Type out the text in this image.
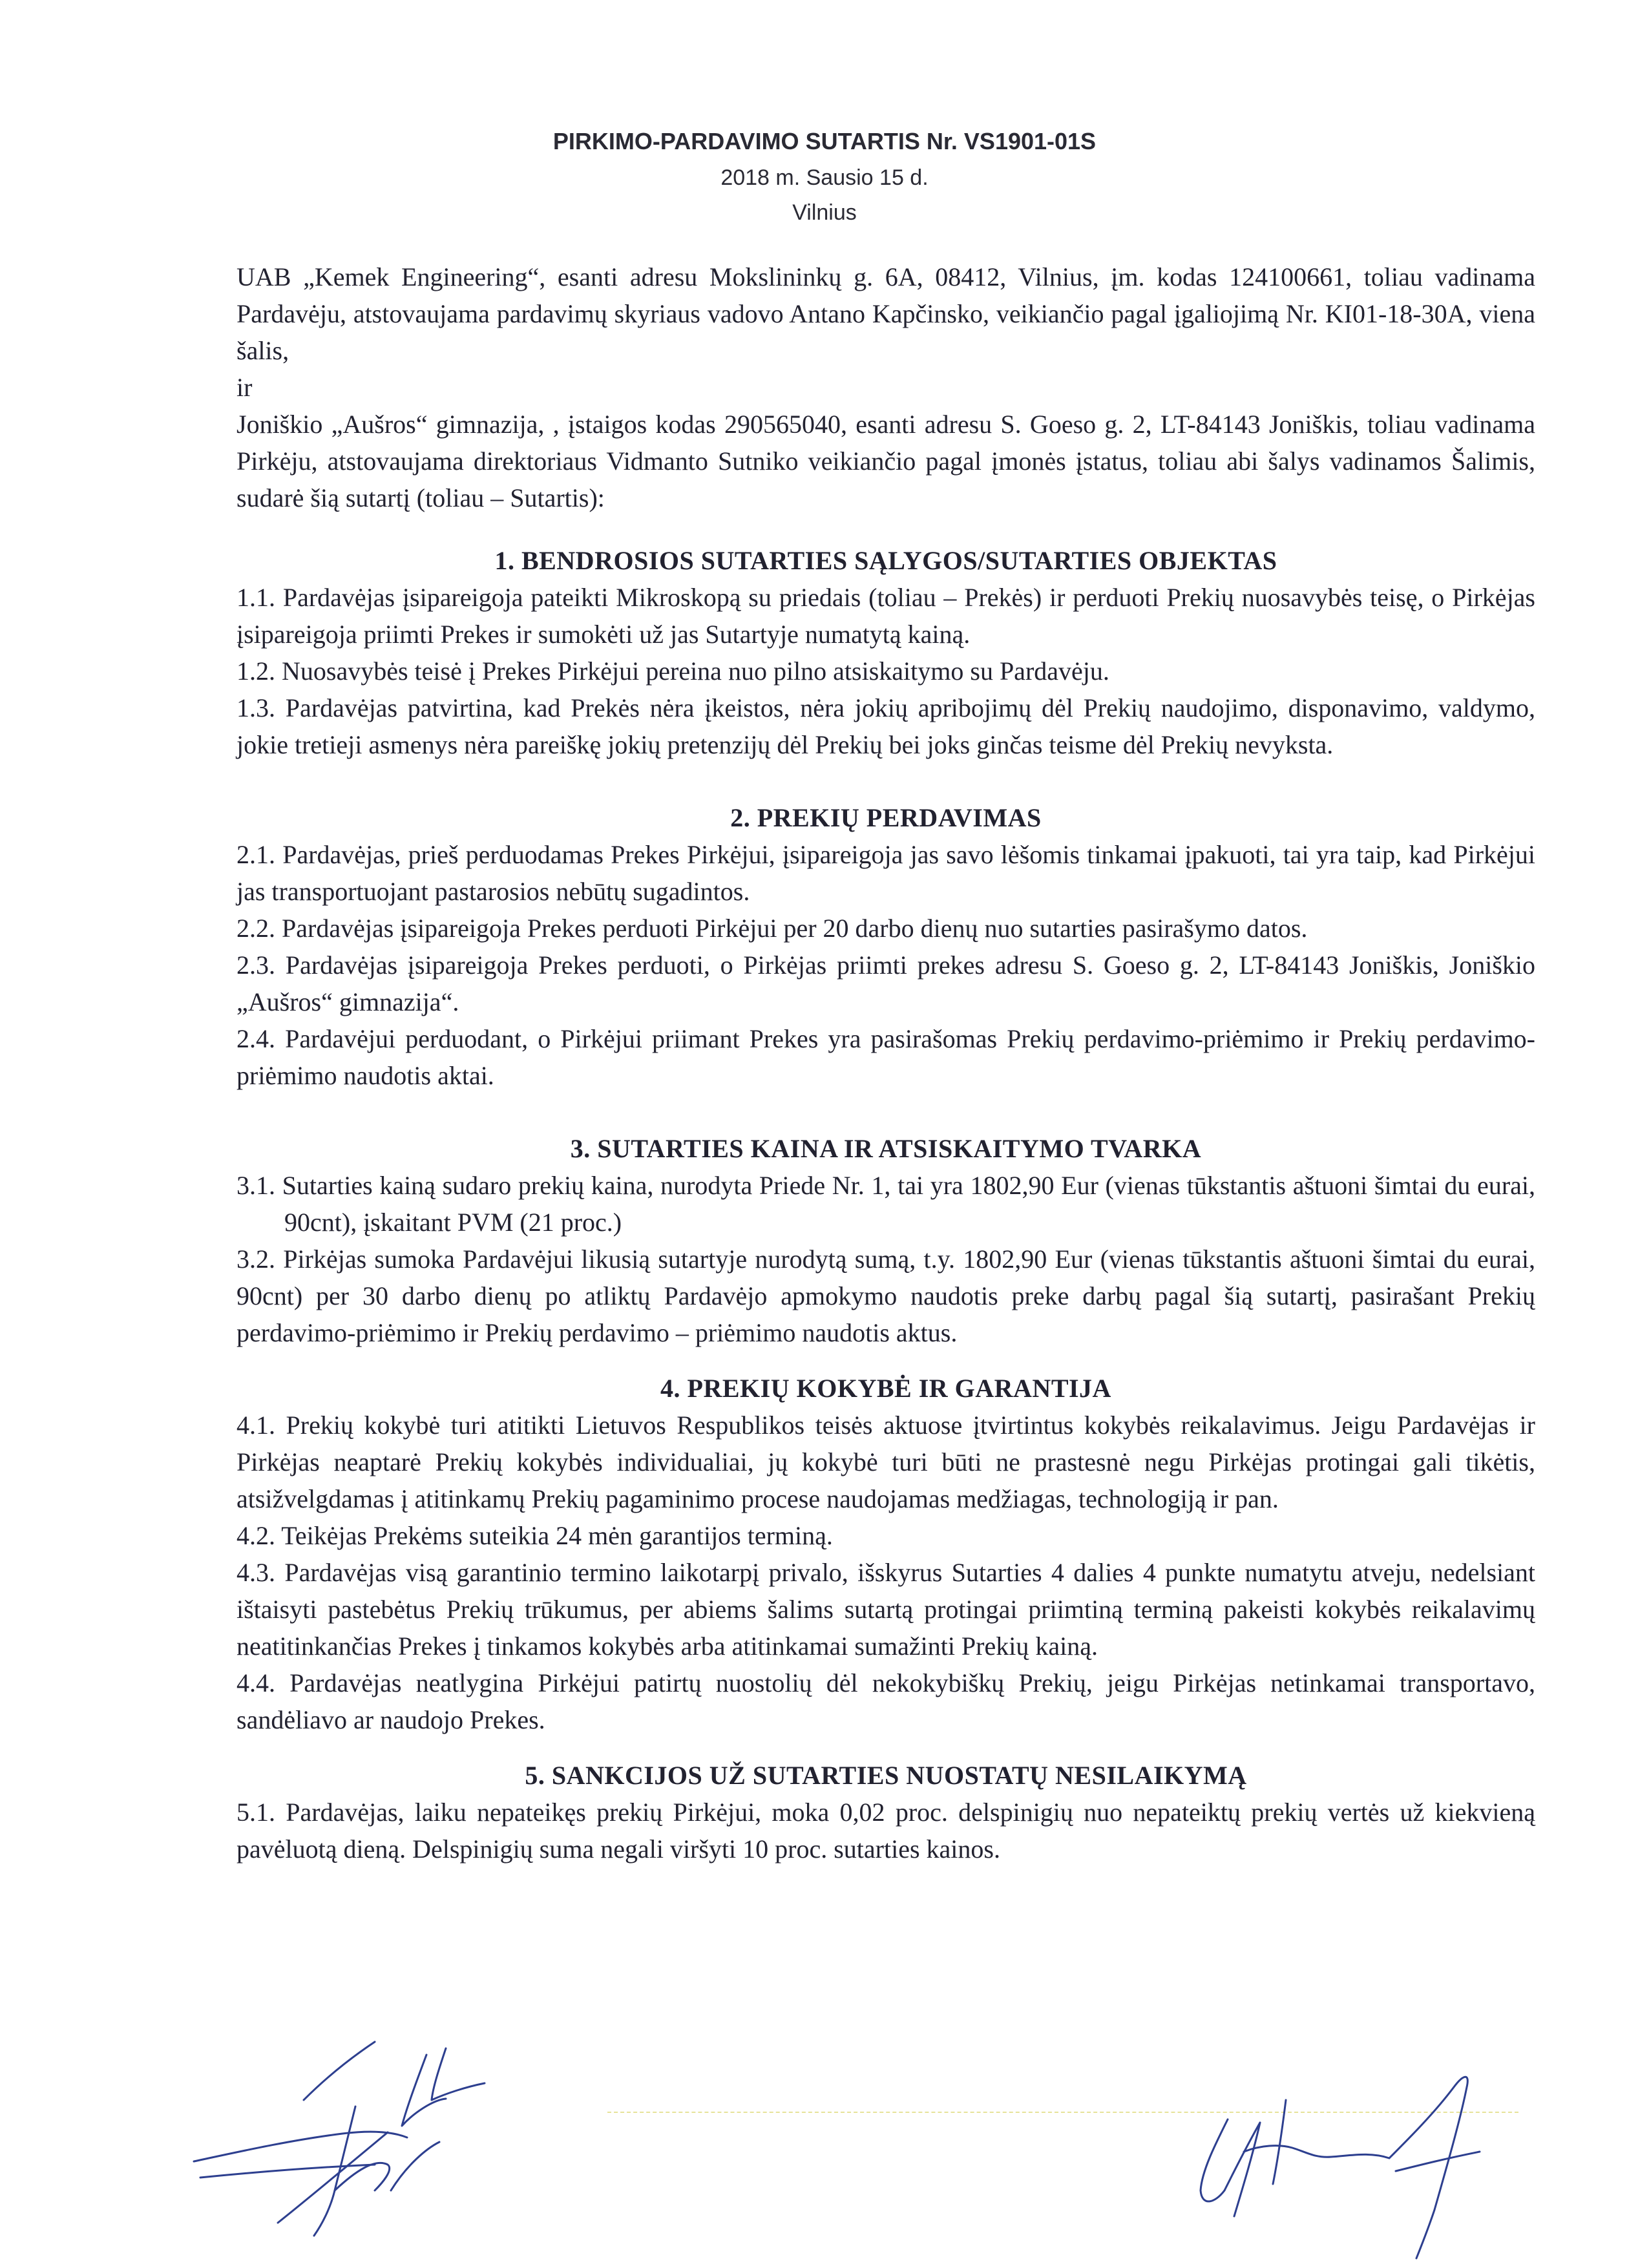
PIRKIMO-PARDAVIMO SUTARTIS Nr. VS1901-01S
2018 m. Sausio 15 d.
Vilnius

UAB „Kemek Engineering“, esanti adresu Mokslininkų g. 6A, 08412, Vilnius, įm. kodas 124100661, toliau vadinama Pardavėju, atstovaujama pardavimų skyriaus vadovo Antano Kapčinsko, veikiančio pagal įgaliojimą Nr. KI01-18-30A, viena šalis,

ir

Joniškio „Aušros“ gimnazija, , įstaigos kodas 290565040, esanti adresu S. Goeso g. 2, LT-84143 Joniškis, toliau vadinama Pirkėju, atstovaujama direktoriaus Vidmanto Sutniko veikiančio pagal įmonės įstatus, toliau abi šalys vadinamos Šalimis, sudarė šią sutartį (toliau – Sutartis):

1. BENDROSIOS SUTARTIES SĄLYGOS/SUTARTIES OBJEKTAS

1.1. Pardavėjas įsipareigoja pateikti Mikroskopą su priedais (toliau – Prekės) ir perduoti Prekių nuosavybės teisę, o Pirkėjas įsipareigoja priimti Prekes ir sumokėti už jas Sutartyje numatytą kainą.

1.2. Nuosavybės teisė į Prekes Pirkėjui pereina nuo pilno atsiskaitymo su Pardavėju.

1.3. Pardavėjas patvirtina, kad Prekės nėra įkeistos, nėra jokių apribojimų dėl Prekių naudojimo, disponavimo, valdymo, jokie tretieji asmenys nėra pareiškę jokių pretenzijų dėl Prekių bei joks ginčas teisme dėl Prekių nevyksta.

2. PREKIŲ PERDAVIMAS

2.1. Pardavėjas, prieš perduodamas Prekes Pirkėjui, įsipareigoja jas savo lėšomis tinkamai įpakuoti, tai yra taip, kad Pirkėjui jas transportuojant pastarosios nebūtų sugadintos.

2.2. Pardavėjas įsipareigoja Prekes perduoti Pirkėjui per 20 darbo dienų nuo sutarties pasirašymo datos.

2.3. Pardavėjas įsipareigoja Prekes perduoti, o Pirkėjas priimti prekes adresu S. Goeso g. 2, LT-84143 Joniškis, Joniškio „Aušros“ gimnazija“.

2.4. Pardavėjui perduodant, o Pirkėjui priimant Prekes yra pasirašomas Prekių perdavimo-priėmimo ir Prekių perdavimo-priėmimo naudotis aktai.

3. SUTARTIES KAINA IR ATSISKAITYMO TVARKA

3.1. Sutarties kainą sudaro prekių kaina, nurodyta Priede Nr. 1, tai yra 1802,90 Eur (vienas tūkstantis aštuoni šimtai du eurai, 90cnt), įskaitant PVM (21 proc.)

3.2. Pirkėjas sumoka Pardavėjui likusią sutartyje nurodytą sumą, t.y. 1802,90 Eur (vienas tūkstantis aštuoni šimtai du eurai, 90cnt) per 30 darbo dienų po atliktų Pardavėjo apmokymo naudotis preke darbų pagal šią sutartį, pasirašant Prekių perdavimo-priėmimo ir Prekių perdavimo – priėmimo naudotis aktus.

4. PREKIŲ KOKYBĖ IR GARANTIJA

4.1. Prekių kokybė turi atitikti Lietuvos Respublikos teisės aktuose įtvirtintus kokybės reikalavimus. Jeigu Pardavėjas ir Pirkėjas neaptarė Prekių kokybės individualiai, jų kokybė turi būti ne prastesnė negu Pirkėjas protingai gali tikėtis, atsižvelgdamas į atitinkamų Prekių pagaminimo procese naudojamas medžiagas, technologiją ir pan.

4.2. Teikėjas Prekėms suteikia 24 mėn garantijos terminą.

4.3. Pardavėjas visą garantinio termino laikotarpį privalo, išskyrus Sutarties 4 dalies 4 punkte numatytu atveju, nedelsiant ištaisyti pastebėtus Prekių trūkumus, per abiems šalims sutartą protingai priimtiną terminą pakeisti kokybės reikalavimų neatitinkančias Prekes į tinkamos kokybės arba atitinkamai sumažinti Prekių kainą.

4.4. Pardavėjas neatlygina Pirkėjui patirtų nuostolių dėl nekokybiškų Prekių, jeigu Pirkėjas netinkamai transportavo, sandėliavo ar naudojo Prekes.

5. SANKCIJOS UŽ SUTARTIES NUOSTATŲ NESILAIKYMĄ

5.1. Pardavėjas, laiku nepateikęs prekių Pirkėjui, moka 0,02 proc. delspinigių nuo nepateiktų prekių vertės už kiekvieną pavėluotą dieną. Delspinigių suma negali viršyti 10 proc. sutarties kainos.
